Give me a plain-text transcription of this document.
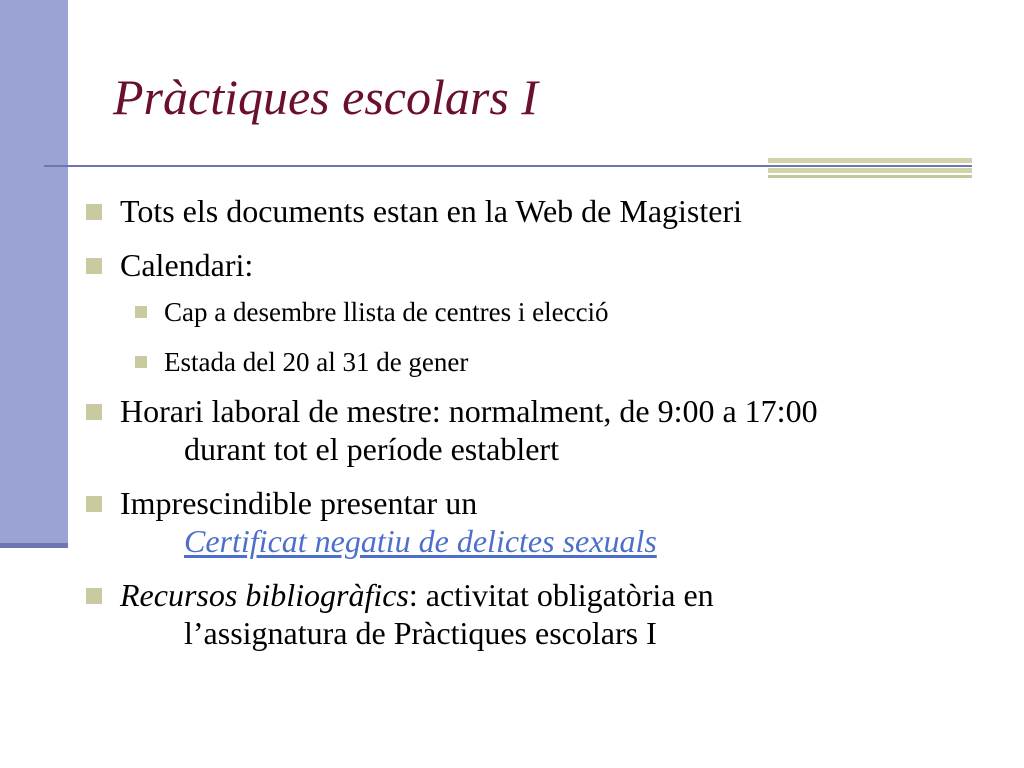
Pràctiques escolars I
Tots els documents estan en la Web de Magisteri
Calendari:
Cap a desembre llista de centres i elecció
Estada del 20 al 31 de gener
Horari laboral de mestre: normalment, de 9:00 a 17:00
durant tot el període establert
Imprescindible presentar un
Certificat negatiu de delictes sexuals
Recursos bibliogràfics: activitat obligatòria en
l’assignatura de Pràctiques escolars I
